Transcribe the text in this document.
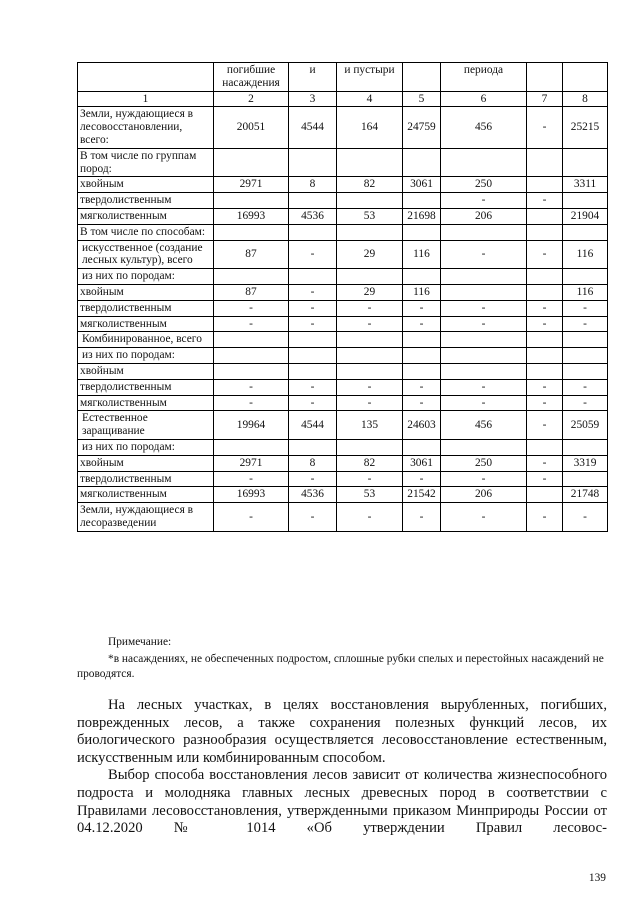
	погибшие насаждения	и	и пустыри		периода		
1	2	3	4	5	6	7	8
Земли, нуждающиеся в лесовосстановлении, всего:	20051	4544	164	24759	456	-	25215
В том числе по группам пород:							
хвойным	2971	8	82	3061	250		3311
твердолиственным					-	-	
мягколиственным	16993	4536	53	21698	206		21904
В том числе по способам:							
искусственное (создание лесных культур), всего	87	-	29	116	-	-	116
из них по породам:							
хвойным	87	-	29	116			116
твердолиственным	-	-	-	-	-	-	-
мягколиственным	-	-	-	-	-	-	-
Комбинированное, всего							
из них по породам:							
хвойным							
твердолиственным	-	-	-	-	-	-	-
мягколиственным	-	-	-	-	-	-	-
Естественное заращивание	19964	4544	135	24603	456	-	25059
из них по породам:							
хвойным	2971	8	82	3061	250	-	3319
твердолиственным	-	-	-	-	-	-	
мягколиственным	16993	4536	53	21542	206		21748
Земли, нуждающиеся в лесоразведении	-	-	-	-	-	-	-
Примечание:
*в насаждениях, не обеспеченных подростом, сплошные рубки спелых и перестойных насаждений не проводятся.

На лесных участках, в целях восстановления вырубленных, погибших, поврежденных лесов, а также сохранения полезных функций лесов, их биологического разнообразия осуществляется лесовосстановление естественным, искусственным или комбинированным способом.

Выбор способа восстановления лесов зависит от количества жизнеспособного подроста и молодняка главных лесных древесных пород в соответствии с Правилами лесовосстановления, утвержденными приказом Минприроды России от 04.12.2020 № 1014 «Об утверждении Правил лесовос-

139
